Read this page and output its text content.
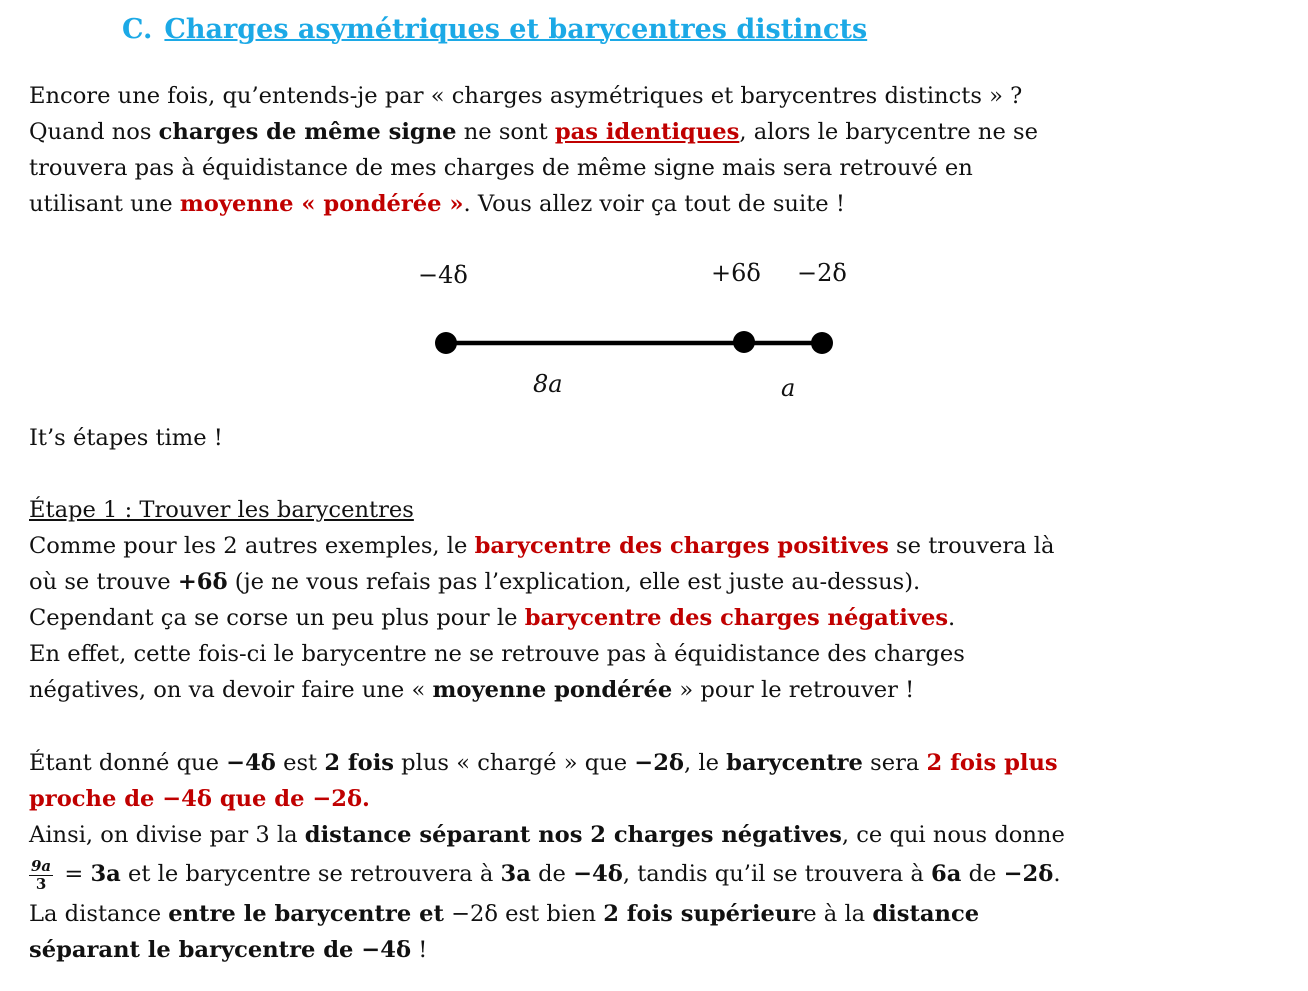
C. Charges asymétriques et barycentres distincts
Encore une fois, qu’entends-je par « charges asymétriques et barycentres distincts » ?
Quand nos charges de même signe ne sont pas identiques, alors le barycentre ne se
trouvera pas à équidistance de mes charges de même signe mais sera retrouvé en
utilisant une moyenne « pondérée ». Vous allez voir ça tout de suite !
−4δ	+6δ −2δ
8a	a
It’s étapes time !
Étape 1 : Trouver les barycentres
Comme pour les 2 autres exemples, le barycentre des charges positives se trouvera là
où se trouve +6δ (je ne vous refais pas l’explication, elle est juste au-dessus).
Cependant ça se corse un peu plus pour le barycentre des charges négatives.
En effet, cette fois-ci le barycentre ne se retrouve pas à équidistance des charges
négatives, on va devoir faire une « moyenne pondérée » pour le retrouver !
Étant donné que −4δ est 2 fois plus « chargé » que −2δ, le barycentre sera 2 fois plus
proche de −4δ que de −2δ.
Ainsi, on divise par 3 la distance séparant nos 2 charges négatives, ce qui nous donne
$\frac{9a}{3} = 3a$ et le barycentre se retrouvera à 3a de −4δ, tandis qu’il se trouvera à 6a de −2δ.
La distance entre le barycentre et −2δ est bien 2 fois supérieure à la distance
séparant le barycentre de −4δ !
